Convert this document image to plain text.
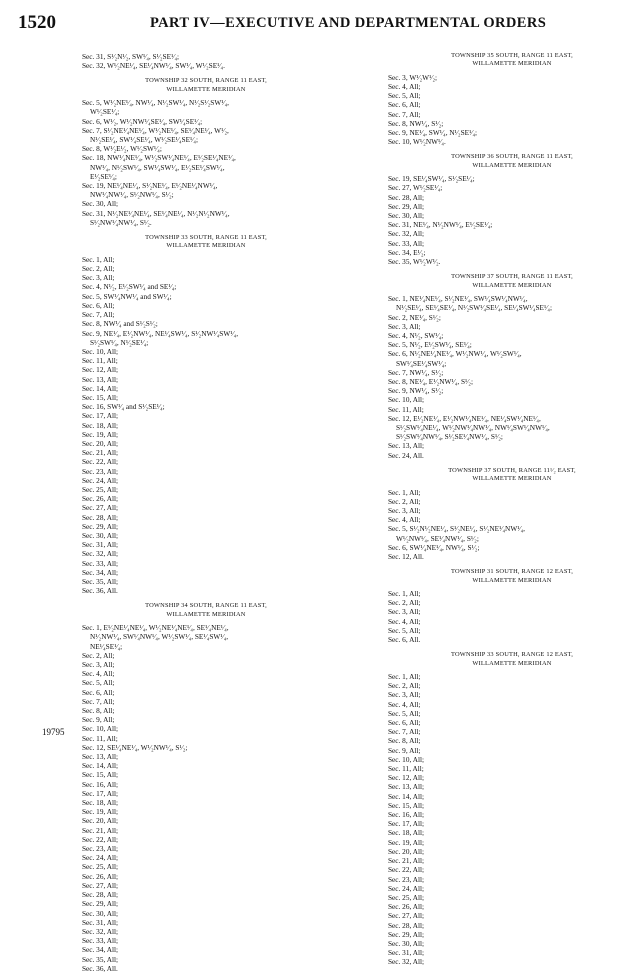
1520	PART IV—EXECUTIVE AND DEPARTMENTAL ORDERS
Sec. 31, S¹⁄₂N¹⁄₂, SW¹⁄₄, S¹⁄₂SE¹⁄₄;
Sec. 32, W¹⁄₂NE¹⁄₄, SE¹⁄₄NW¹⁄₄, SW¹⁄₄, W¹⁄₂SE¹⁄₄.
TOWNSHIP 32 SOUTH, RANGE 11 EAST,
WILLAMETTE MERIDIAN
Sec. 5, W¹⁄₂NE¹⁄₄, NW¹⁄₄, N¹⁄₂SW¹⁄₄, N¹⁄₂S¹⁄₂SW¹⁄₄,
W¹⁄₂SE¹⁄₄;
Sec. 6, W¹⁄₂, W¹⁄₂NW¹⁄₄SE¹⁄₄, SW¹⁄₄SE¹⁄₄;
Sec. 7, S¹⁄₂NE¹⁄₄NE¹⁄₄, W¹⁄₂NE¹⁄₄, SE¹⁄₄NE¹⁄₄, W¹⁄₂,
N¹⁄₂SE¹⁄₄, SW¹⁄₄SE¹⁄₄, W¹⁄₂SE¹⁄₄SE¹⁄₄;
Sec. 8, W¹⁄₂E¹⁄₂, W¹⁄₂SW¹⁄₄;
Sec. 18, NW¹⁄₄NE¹⁄₄, W¹⁄₂SW¹⁄₄NE¹⁄₄, E¹⁄₂SE¹⁄₄NE¹⁄₄,
NW¹⁄₄, N¹⁄₂SW¹⁄₄, SW¹⁄₄SW¹⁄₄, E¹⁄₂SE¹⁄₄SW¹⁄₄,
E¹⁄₂SE¹⁄₄;
Sec. 19, NE¹⁄₄NE¹⁄₄, S¹⁄₂NE¹⁄₄, E¹⁄₂NE¹⁄₄NW¹⁄₄,
NW¹⁄₄NW¹⁄₄, S¹⁄₂NW¹⁄₄, S¹⁄₂;
Sec. 30, All;
Sec. 31, N¹⁄₂NE¹⁄₄NE¹⁄₄, SE¹⁄₄NE¹⁄₄, N¹⁄₂N¹⁄₂NW¹⁄₄,
S¹⁄₂NW¹⁄₄NW¹⁄₄, S¹⁄₂.
TOWNSHIP 33 SOUTH, RANGE 11 EAST,
WILLAMETTE MERIDIAN
Sec. 1, All;
Sec. 2, All;
Sec. 3, All;
Sec. 4, N¹⁄₂, E¹⁄₂SW¹⁄₄ and SE¹⁄₄;
Sec. 5, SW¹⁄₄NW¹⁄₄ and SW¹⁄₄;
Sec. 6, All;
Sec. 7, All;
Sec. 8, NW¹⁄₄ and S¹⁄₂S¹⁄₂;
Sec. 9, NE¹⁄₄, E¹⁄₂NW¹⁄₄, NE¹⁄₄SW¹⁄₄, S¹⁄₂NW¹⁄₄SW¹⁄₄,
S¹⁄₂SW¹⁄₄, N¹⁄₂SE¹⁄₄;
Sec. 10, All;
Sec. 11, All;
Sec. 12, All;
Sec. 13, All;
Sec. 14, All;
Sec. 15, All;
Sec. 16, SW¹⁄₄ and S¹⁄₂SE¹⁄₄;
Sec. 17, All;
Sec. 18, All;
Sec. 19, All;
Sec. 20, All;
Sec. 21, All;
Sec. 22, All;
Sec. 23, All;
Sec. 24, All;
Sec. 25, All;
Sec. 26, All;
Sec. 27, All;
Sec. 28, All;
Sec. 29, All;
Sec. 30, All;
Sec. 31, All;
Sec. 32, All;
Sec. 33, All;
Sec. 34, All;
Sec. 35, All;
Sec. 36, All.
TOWNSHIP 34 SOUTH, RANGE 11 EAST,
WILLAMETTE MERIDIAN
Sec. 1, E¹⁄₂NE¹⁄₄NE¹⁄₄, W¹⁄₂NE¹⁄₄NE¹⁄₄, SE¹⁄₄NE¹⁄₄,
N¹⁄₂NW¹⁄₄, SW¹⁄₄NW¹⁄₄, W¹⁄₂SW¹⁄₄, SE¹⁄₄SW¹⁄₄,
NE¹⁄₄SE¹⁄₄;
Sec. 2, All;
Sec. 3, All;
Sec. 4, All;
Sec. 5, All;
Sec. 6, All;
Sec. 7, All;
Sec. 8, All;
Sec. 9, All;
Sec. 10, All;
Sec. 11, All;
Sec. 12, SE¹⁄₄NE¹⁄₄, W¹⁄₂NW¹⁄₄, S¹⁄₂;
Sec. 13, All;
Sec. 14, All;
Sec. 15, All;
Sec. 16, All;
Sec. 17, All;
Sec. 18, All;
Sec. 19, All;
Sec. 20, All;
Sec. 21, All;
Sec. 22, All;
Sec. 23, All;
Sec. 24, All;
Sec. 25, All;
Sec. 26, All;
Sec. 27, All;
Sec. 28, All;
Sec. 29, All;
Sec. 30, All;
Sec. 31, All;
Sec. 32, All;
Sec. 33, All;
Sec. 34, All;
Sec. 35, All;
Sec. 36, All.
TOWNSHIP 35 SOUTH, RANGE 11 EAST,
WILLAMETTE MERIDIAN
Sec. 3, W¹⁄₂W¹⁄₂;
Sec. 4, All;
Sec. 5, All;
Sec. 6, All;
Sec. 7, All;
Sec. 8, NW¹⁄₄, S¹⁄₂;
Sec. 9, NE¹⁄₄, SW¹⁄₄, N¹⁄₂SE¹⁄₄;
Sec. 10, W¹⁄₂NW¹⁄₄.
TOWNSHIP 36 SOUTH, RANGE 11 EAST,
WILLAMETTE MERIDIAN
Sec. 19, SE¹⁄₄SW¹⁄₄, S¹⁄₂SE¹⁄₄;
Sec. 27, W¹⁄₂SE¹⁄₄;
Sec. 28, All;
Sec. 29, All;
Sec. 30, All;
Sec. 31, NE¹⁄₄, N¹⁄₂NW¹⁄₄, E¹⁄₂SE¹⁄₄;
Sec. 32, All;
Sec. 33, All;
Sec. 34, E¹⁄₂;
Sec. 35, W¹⁄₂W¹⁄₂.
TOWNSHIP 37 SOUTH, RANGE 11 EAST,
WILLAMETTE MERIDIAN
Sec. 1, NE¹⁄₄NE¹⁄₄, S¹⁄₂NE¹⁄₄, SW¹⁄₄SW¹⁄₄NW¹⁄₄,
N¹⁄₂SE¹⁄₄, SE¹⁄₄SE¹⁄₄, N¹⁄₂SW¹⁄₄SE¹⁄₄, SE¹⁄₄SW¹⁄₄SE¹⁄₄;
Sec. 2, NE¹⁄₄, S¹⁄₂;
Sec. 3, All;
Sec. 4, N¹⁄₂, SW¹⁄₄;
Sec. 5, N¹⁄₂, E¹⁄₂SW¹⁄₄, SE¹⁄₄;
Sec. 6, N¹⁄₂NE¹⁄₄NE¹⁄₄, W¹⁄₂NW¹⁄₄, W¹⁄₂SW¹⁄₄,
SW¹⁄₄SE¹⁄₄SW¹⁄₄;
Sec. 7, NW¹⁄₄, S¹⁄₂;
Sec. 8, NE¹⁄₄, E¹⁄₂NW¹⁄₄, S¹⁄₂;
Sec. 9, NW¹⁄₄, S¹⁄₂;
Sec. 10, All;
Sec. 11, All;
Sec. 12, E¹⁄₂NE¹⁄₄, E¹⁄₂NW¹⁄₄NE¹⁄₄, NE¹⁄₄SW¹⁄₄NE¹⁄₄,
S¹⁄₂SW¹⁄₄NE¹⁄₄, W¹⁄₂NW¹⁄₄NW¹⁄₄, NW¹⁄₄SW¹⁄₄NW¹⁄₄,
S¹⁄₂SW¹⁄₄NW¹⁄₄, S¹⁄₂SE¹⁄₄NW¹⁄₄, S¹⁄₂;
Sec. 13, All;
Sec. 24, All.
TOWNSHIP 37 SOUTH, RANGE 11¹⁄₂ EAST,
WILLAMETTE MERIDIAN
Sec. 1, All;
Sec. 2, All;
Sec. 3, All;
Sec. 4, All;
Sec. 5, S¹⁄₂N¹⁄₂NE¹⁄₄, S¹⁄₂NE¹⁄₄, S¹⁄₂NE¹⁄₄NW¹⁄₄,
W¹⁄₂NW¹⁄₄, SE¹⁄₄NW¹⁄₄, S¹⁄₂;
Sec. 6, SW¹⁄₄NE¹⁄₄, NW¹⁄₄, S¹⁄₂;
Sec. 12, All.
TOWNSHIP 31 SOUTH, RANGE 12 EAST,
WILLAMETTE MERIDIAN
Sec. 1, All;
Sec. 2, All;
Sec. 3, All;
Sec. 4, All;
Sec. 5, All;
Sec. 6, All.
TOWNSHIP 33 SOUTH, RANGE 12 EAST,
WILLAMETTE MERIDIAN
Sec. 1, All;
Sec. 2, All;
Sec. 3, All;
Sec. 4, All;
Sec. 5, All;
Sec. 6, All;
Sec. 7, All;
Sec. 8, All;
Sec. 9, All;
Sec. 10, All;
Sec. 11, All;
Sec. 12, All;
Sec. 13, All;
Sec. 14, All;
Sec. 15, All;
Sec. 16, All;
Sec. 17, All;
Sec. 18, All;
Sec. 19, All;
Sec. 20, All;
Sec. 21, All;
Sec. 22, All;
Sec. 23, All;
Sec. 24, All;
Sec. 25, All;
Sec. 26, All;
Sec. 27, All;
Sec. 28, All;
Sec. 29, All;
Sec. 30, All;
Sec. 31, All;
Sec. 32, All;
19795
